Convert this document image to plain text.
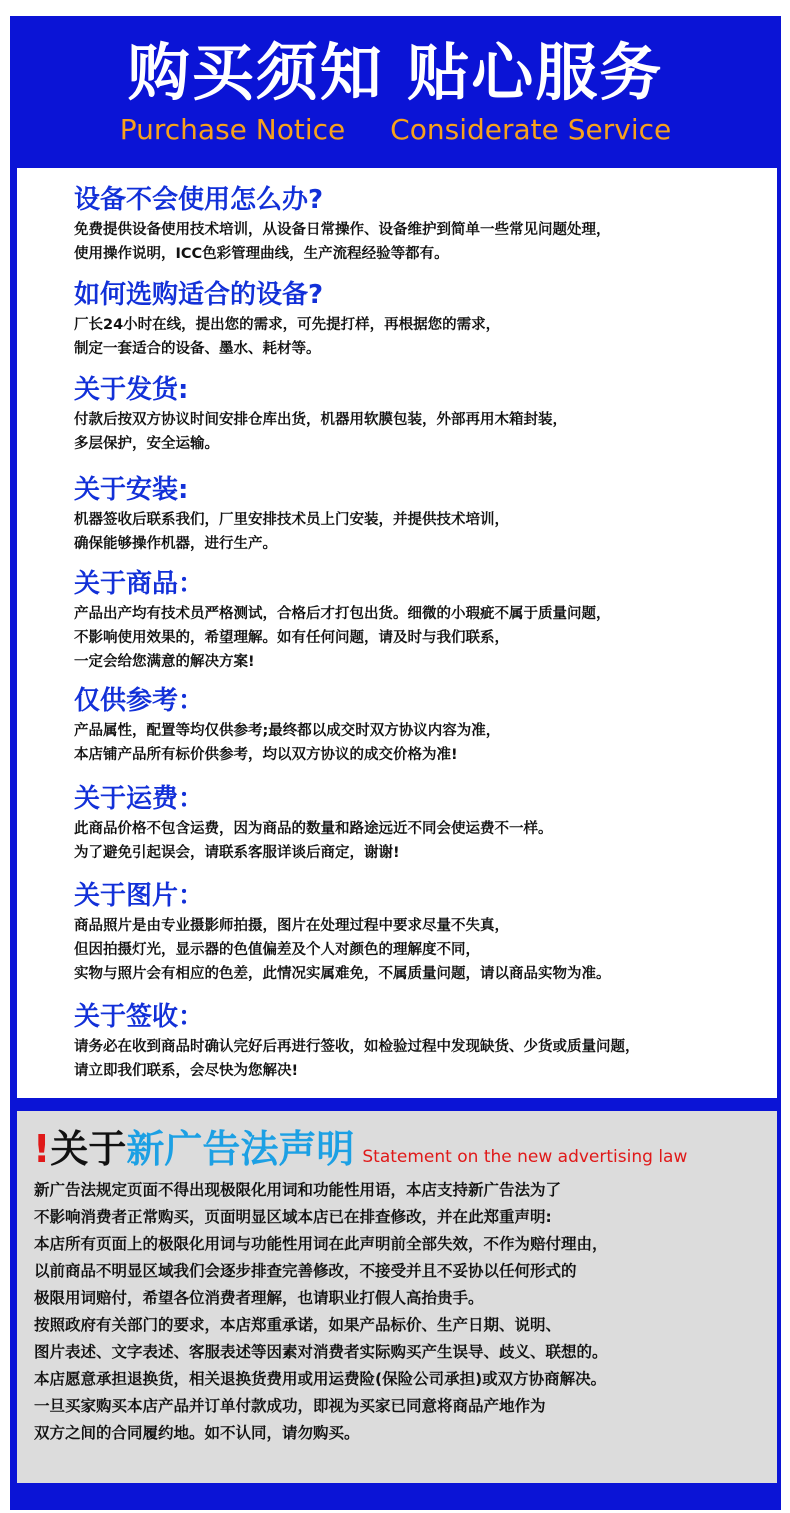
购买须知 贴心服务
Purchase Notice Considerate Service
设备不会使用怎么办?

免费提供设备使用技术培训，从设备日常操作、设备维护到简单一些常见问题处理，
使用操作说明，ICC色彩管理曲线，生产流程经验等都有。

如何选购适合的设备?

厂长24小时在线，提出您的需求，可先提打样，再根据您的需求，
制定一套适合的设备、墨水、耗材等。

关于发货:

付款后按双方协议时间安排仓库出货，机器用软膜包装，外部再用木箱封装，
多层保护，安全运输。

关于安装:

机器签收后联系我们，厂里安排技术员上门安装，并提供技术培训，
确保能够操作机器，进行生产。

关于商品：

产品出产均有技术员严格测试，合格后才打包出货。细微的小瑕疵不属于质量问题，
不影响使用效果的，希望理解。如有任何问题，请及时与我们联系，
一定会给您满意的解决方案!

仅供参考：

产品属性，配置等均仅供参考;最终都以成交时双方协议内容为准，
本店铺产品所有标价供参考，均以双方协议的成交价格为准!

关于运费：

此商品价格不包含运费，因为商品的数量和路途远近不同会使运费不一样。
为了避免引起误会，请联系客服详谈后商定，谢谢!

关于图片：

商品照片是由专业摄影师拍摄，图片在处理过程中要求尽量不失真，
但因拍摄灯光，显示器的色值偏差及个人对颜色的理解度不同，
实物与照片会有相应的色差，此情况实属难免，不属质量问题，请以商品实物为准。

关于签收：

请务必在收到商品时确认完好后再进行签收，如检验过程中发现缺货、少货或质量问题，
请立即我们联系，会尽快为您解决!

!关于新广告法声明 Statement on the new advertising law
新广告法规定页面不得出现极限化用词和功能性用语，本店支持新广告法为了
不影响消费者正常购买，页面明显区域本店已在排查修改，并在此郑重声明:
本店所有页面上的极限化用词与功能性用词在此声明前全部失效，不作为赔付理由，
以前商品不明显区域我们会逐步排查完善修改，不接受并且不妥协以任何形式的
极限用词赔付，希望各位消费者理解，也请职业打假人高抬贵手。
按照政府有关部门的要求，本店郑重承诺，如果产品标价、生产日期、说明、
图片表述、文字表述、客服表述等因素对消费者实际购买产生误导、歧义、联想的。
本店愿意承担退换货，相关退换货费用或用运费险(保险公司承担)或双方协商解决。
一旦买家购买本店产品并订单付款成功，即视为买家已同意将商品产地作为
双方之间的合同履约地。如不认同，请勿购买。
